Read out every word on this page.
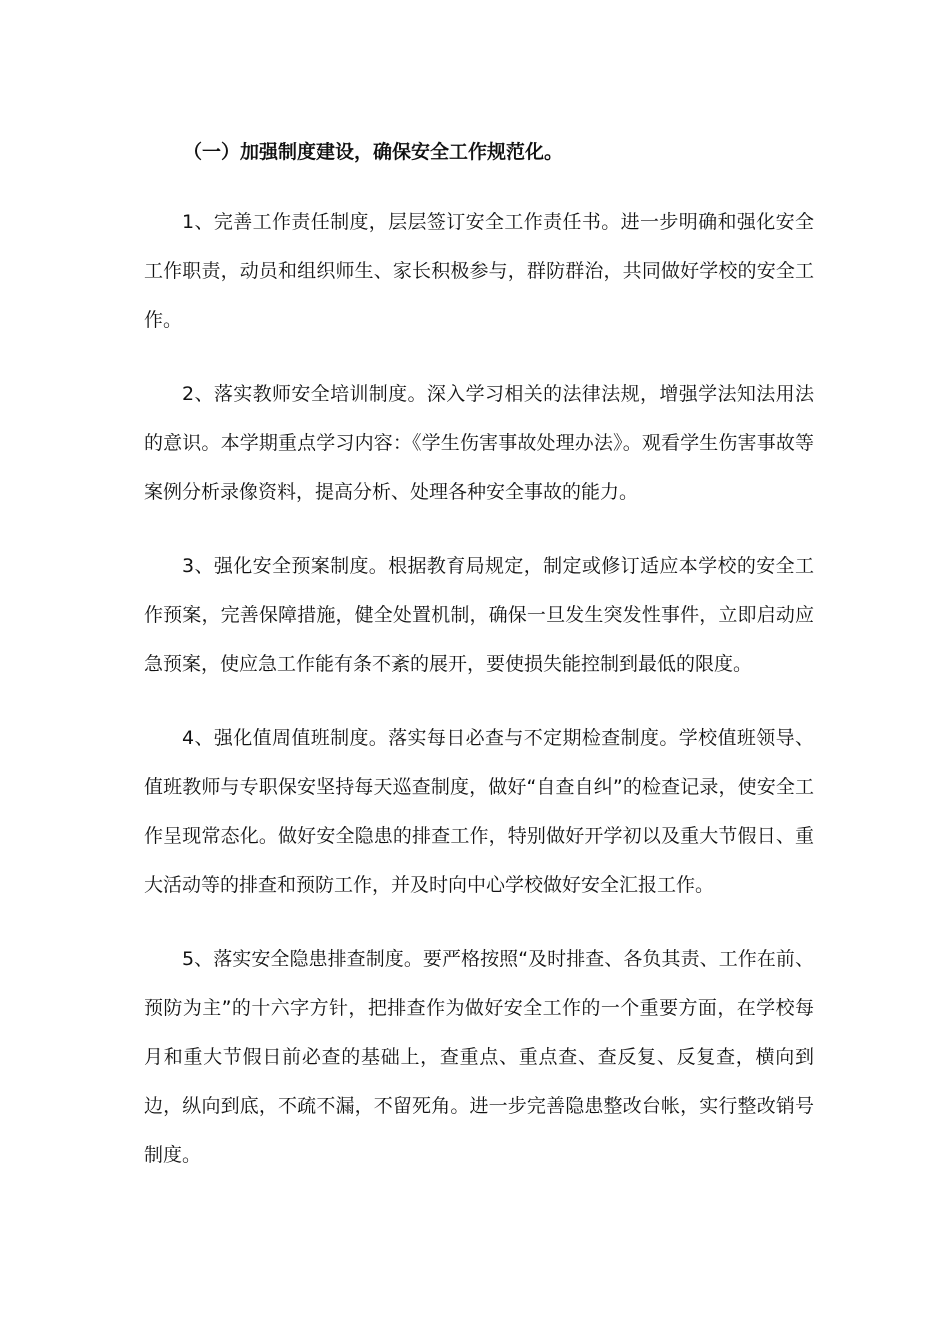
（一）加强制度建设，确保安全工作规范化。

1、完善工作责任制度，层层签订安全工作责任书。进一步明确和强化安全工作职责，动员和组织师生、家长积极参与，群防群治，共同做好学校的安全工作。

2、落实教师安全培训制度。深入学习相关的法律法规，增强学法知法用法的意识。本学期重点学习内容：《学生伤害事故处理办法》。观看学生伤害事故等案例分析录像资料，提高分析、处理各种安全事故的能力。

3、强化安全预案制度。根据教育局规定，制定或修订适应本学校的安全工作预案，完善保障措施，健全处置机制，确保一旦发生突发性事件，立即启动应急预案，使应急工作能有条不紊的展开，要使损失能控制到最低的限度。

4、强化值周值班制度。落实每日必查与不定期检查制度。学校值班领导、值班教师与专职保安坚持每天巡查制度，做好“自查自纠”的检查记录，使安全工作呈现常态化。做好安全隐患的排查工作，特别做好开学初以及重大节假日、重大活动等的排查和预防工作，并及时向中心学校做好安全汇报工作。

5、落实安全隐患排查制度。要严格按照“及时排查、各负其责、工作在前、预防为主”的十六字方针，把排查作为做好安全工作的一个重要方面，在学校每月和重大节假日前必查的基础上，查重点、重点查、查反复、反复查，横向到边，纵向到底，不疏不漏，不留死角。进一步完善隐患整改台帐，实行整改销号制度。
